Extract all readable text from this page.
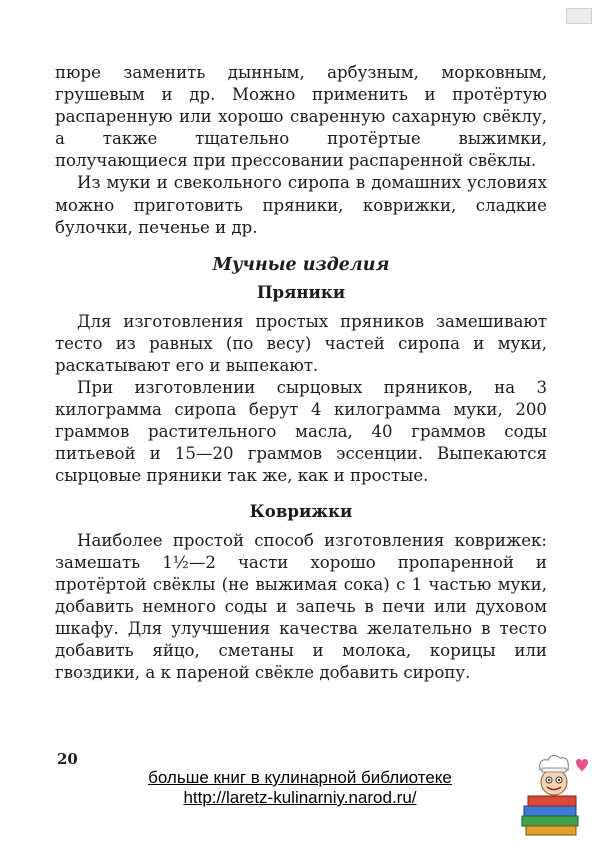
пюре заменить дынным, арбузным, морковным, грушевым и др. Можно применить и протёртую распаренную или хорошо сваренную сахарную свёклу, а также тщательно протёртые выжимки, получающиеся при прессовании распаренной свёклы.

Из муки и свекольного сиропа в домашних условиях можно приготовить пряники, коврижки, сладкие булочки, печенье и др.

Мучные изделия
Пряники

Для изготовления простых пряников замешивают тесто из равных (по весу) частей сиропа и муки, раскатывают его и выпекают.

При изготовлении сырцовых пряников, на 3 килограмма сиропа берут 4 килограмма муки, 200 граммов растительного масла, 40 граммов соды питьевой и 15—20 граммов эссенции. Выпекаются сырцовые пряники так же, как и простые.

Коврижки

Наиболее простой способ изготовления коврижек: замешать 1½—2 части хорошо пропаренной и протёртой свёклы (не выжимая сока) с 1 частью муки, добавить немного соды и запечь в печи или духовом шкафу. Для улучшения качества желательно в тесто добавить яйцо, сметаны и молока, корицы или гвоздики, а к пареной свёкле добавить сиропу.

20
больше книг в кулинарной библиотеке
http://laretz-kulinarniy.narod.ru/
